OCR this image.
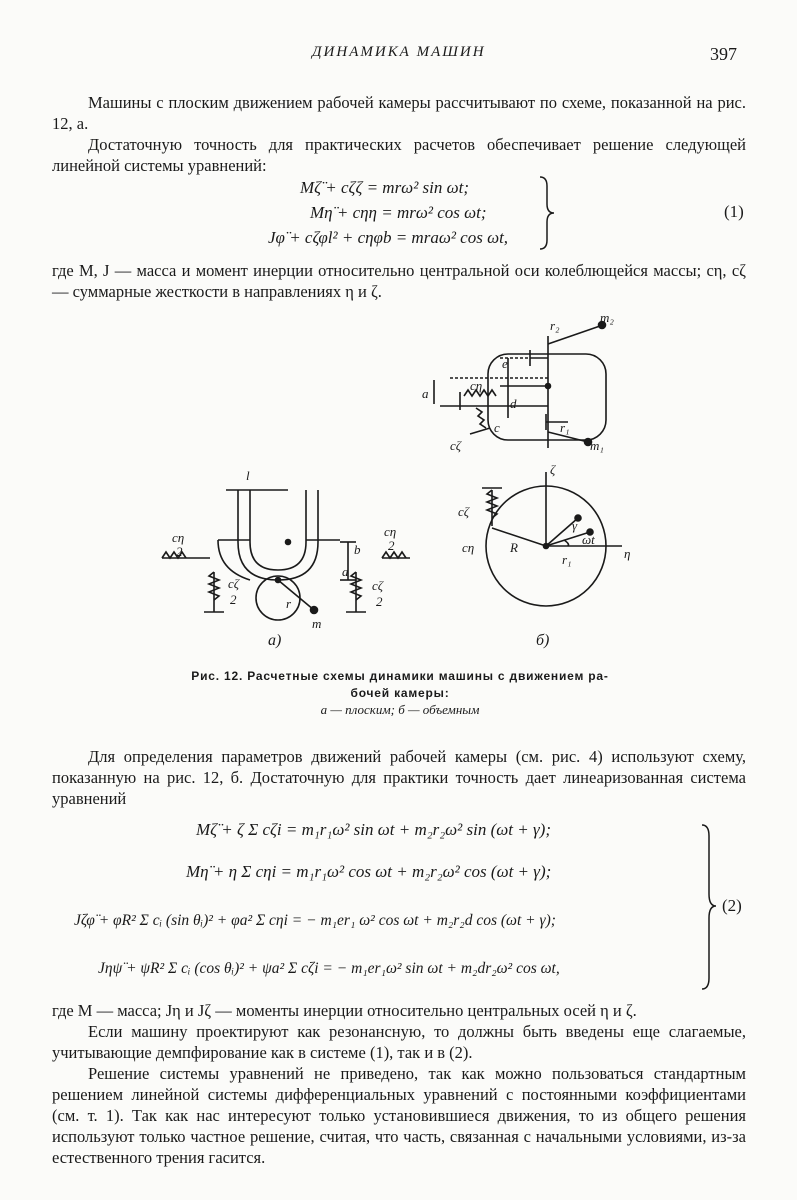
ДИНАМИКА МАШИН	397
Машины с плоским движением рабочей камеры рассчитывают по схеме, показанной на рис. 12, а.
Достаточную точность для практических расчетов обеспечивает решение следующей линейной системы уравнений:
Mζ̈ + cζζ = mrω² sin ωt;
Mη̈ + cηη = mrω² cos ωt;
Jφ̈ + cζφl² + cηφb = mraω² cos ωt,
(1)
где M, J — масса и момент инерции относительно центральной оси колеблющейся массы; cη, cζ — суммарные жесткости в направлениях η и ζ.
r₂
m₂
e
a
cη
d
c
cζ
r₁
m₁
l
cη
2	b
cη
2
a
cζ
2	r
cζ
2
m
ζ
cζ
γ
cη	R
ωt
r₁	η
а)	б)
Рис. 12. Расчетные схемы динамики машины с движением ра-
бочей камеры:
а — плоским; б — объемным
Для определения параметров движений рабочей камеры (см. рис. 4) используют схему, показанную на рис. 12, б. Достаточную для практики точность дает линеаризованная система уравнений
Mζ̈ + ζ Σ cζi = m₁r₁ω² sin ωt + m₂r₂ω² sin (ωt + γ);
Mη̈ + η Σ cηi = m₁r₁ω² cos ωt + m₂r₂ω² cos (ωt + γ);
Jζφ̈ + φR² Σ cᵢ (sin θᵢ)² + φa² Σ cηi = − m₁er₁ ω² cos ωt + m₂r₂d cos (ωt + γ);
Jηψ̈ + ψR² Σ cᵢ (cos θᵢ)² + ψa² Σ cζi = − m₁er₁ω² sin ωt + m₂dr₂ω² cos ωt,
(2)
где M — масса; Jη и Jζ — моменты инерции относительно центральных осей η и ζ.
Если машину проектируют как резонансную, то должны быть введены еще слагаемые, учитывающие демпфирование как в системе (1), так и в (2).
Решение системы уравнений не приведено, так как можно пользоваться стандартным решением линейной системы дифференциальных уравнений с постоянными коэффициентами (см. т. 1). Так как нас интересуют только установившиеся движения, то из общего решения используют только частное решение, считая, что часть, связанная с начальными условиями, из-за естественного трения гасится.
